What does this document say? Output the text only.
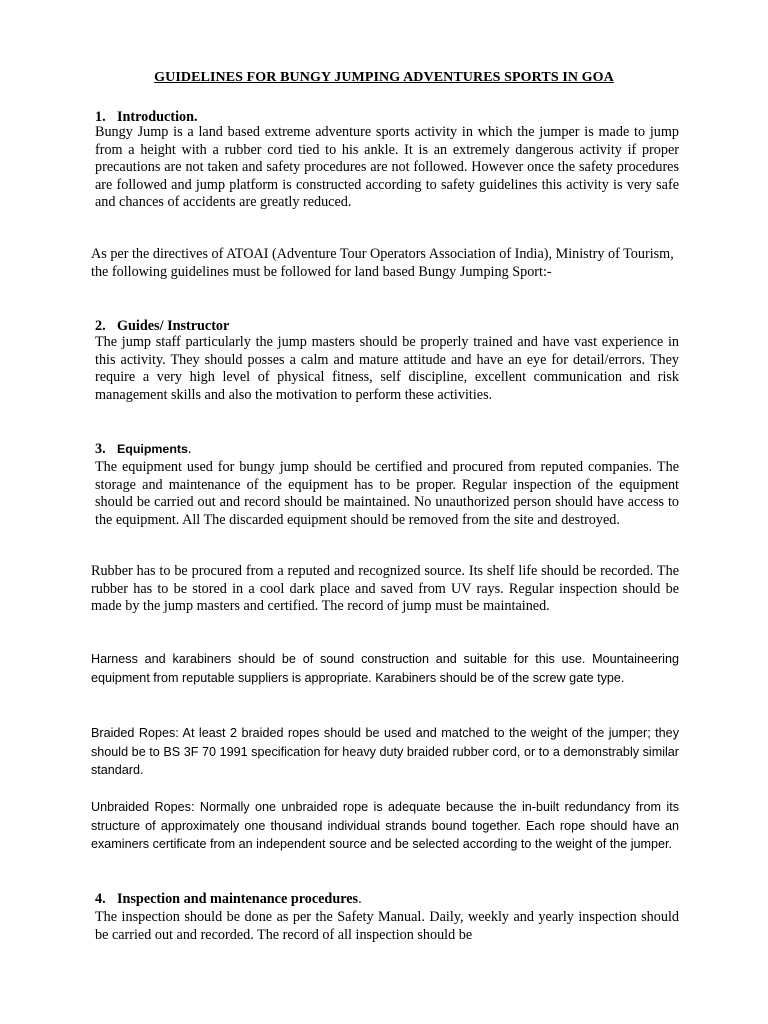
GUIDELINES FOR BUNGY JUMPING ADVENTURES SPORTS IN GOA
1. Introduction.
Bungy Jump is a land based extreme adventure sports activity in which the jumper is made to jump from a height with a rubber cord tied to his ankle. It is an extremely dangerous activity if proper precautions are not taken and safety procedures are not followed. However once the safety procedures are followed and jump platform is constructed according to safety guidelines this activity is very safe and chances of accidents are greatly reduced.
As per the directives of ATOAI (Adventure Tour Operators Association of India), Ministry of Tourism, the following guidelines must be followed for land based Bungy Jumping Sport:-
2. Guides/ Instructor
The jump staff particularly the jump masters should be properly trained and have vast experience in this activity. They should posses a calm and mature attitude and have an eye for detail/errors. They require a very high level of physical fitness, self discipline, excellent communication and risk management skills and also the motivation to perform these activities.
3. Equipments.
The equipment used for bungy jump should be certified and procured from reputed companies. The storage and maintenance of the equipment has to be proper. Regular inspection of the equipment should be carried out and record should be maintained. No unauthorized person should have access to the equipment. All The discarded equipment should be removed from the site and destroyed.
Rubber has to be procured from a reputed and recognized source. Its shelf life should be recorded. The rubber has to be stored in a cool dark place and saved from UV rays. Regular inspection should be made by the jump masters and certified. The record of jump must be maintained.
Harness and karabiners should be of sound construction and suitable for this use. Mountaineering equipment from reputable suppliers is appropriate. Karabiners should be of the screw gate type.
Braided Ropes: At least 2 braided ropes should be used and matched to the weight of the jumper; they should be to BS 3F 70 1991 specification for heavy duty braided rubber cord, or to a demonstrably similar standard.
Unbraided Ropes: Normally one unbraided rope is adequate because the in-built redundancy from its structure of approximately one thousand individual strands bound together. Each rope should have an examiners certificate from an independent source and be selected according to the weight of the jumper.
4. Inspection and maintenance procedures.
The inspection should be done as per the Safety Manual. Daily, weekly and yearly inspection should be carried out and recorded. The record of all inspection should be
